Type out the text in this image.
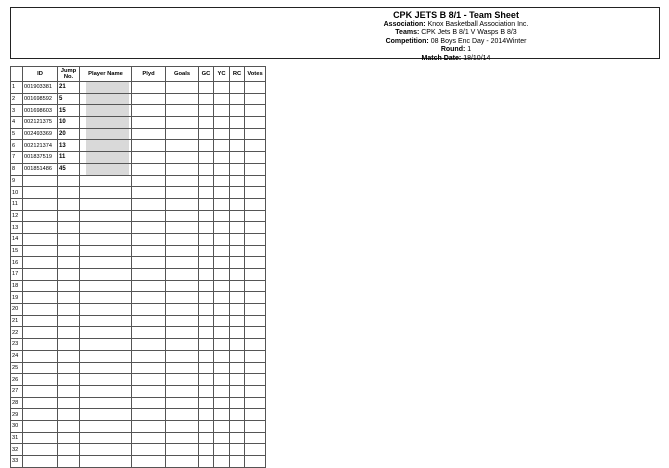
CPK JETS B 8/1 - Team Sheet
Association: Knox Basketball Association Inc.
Teams: CPK Jets B 8/1 V Wasps B 8/3
Competition: 08 Boys Enc Day - 2014Winter
Round: 1
Match Date: 18/10/14
	ID	Jump No.	Player Name	Plyd	Goals	GC	YC	RC	Votes
1	001903381	21	

2	001698592	5	

3	001698603	15	

4	002121375	10	

5	002493369	20	

6	002121374	13	

7	001837519	11	

8	001851486	45	

9									
10									
11									
12									
13									
14									
15									
16									
17									
18									
19									
20									
21									
22									
23									
24									
25									
26									
27									
28									
29									
30									
31									
32									
33									
